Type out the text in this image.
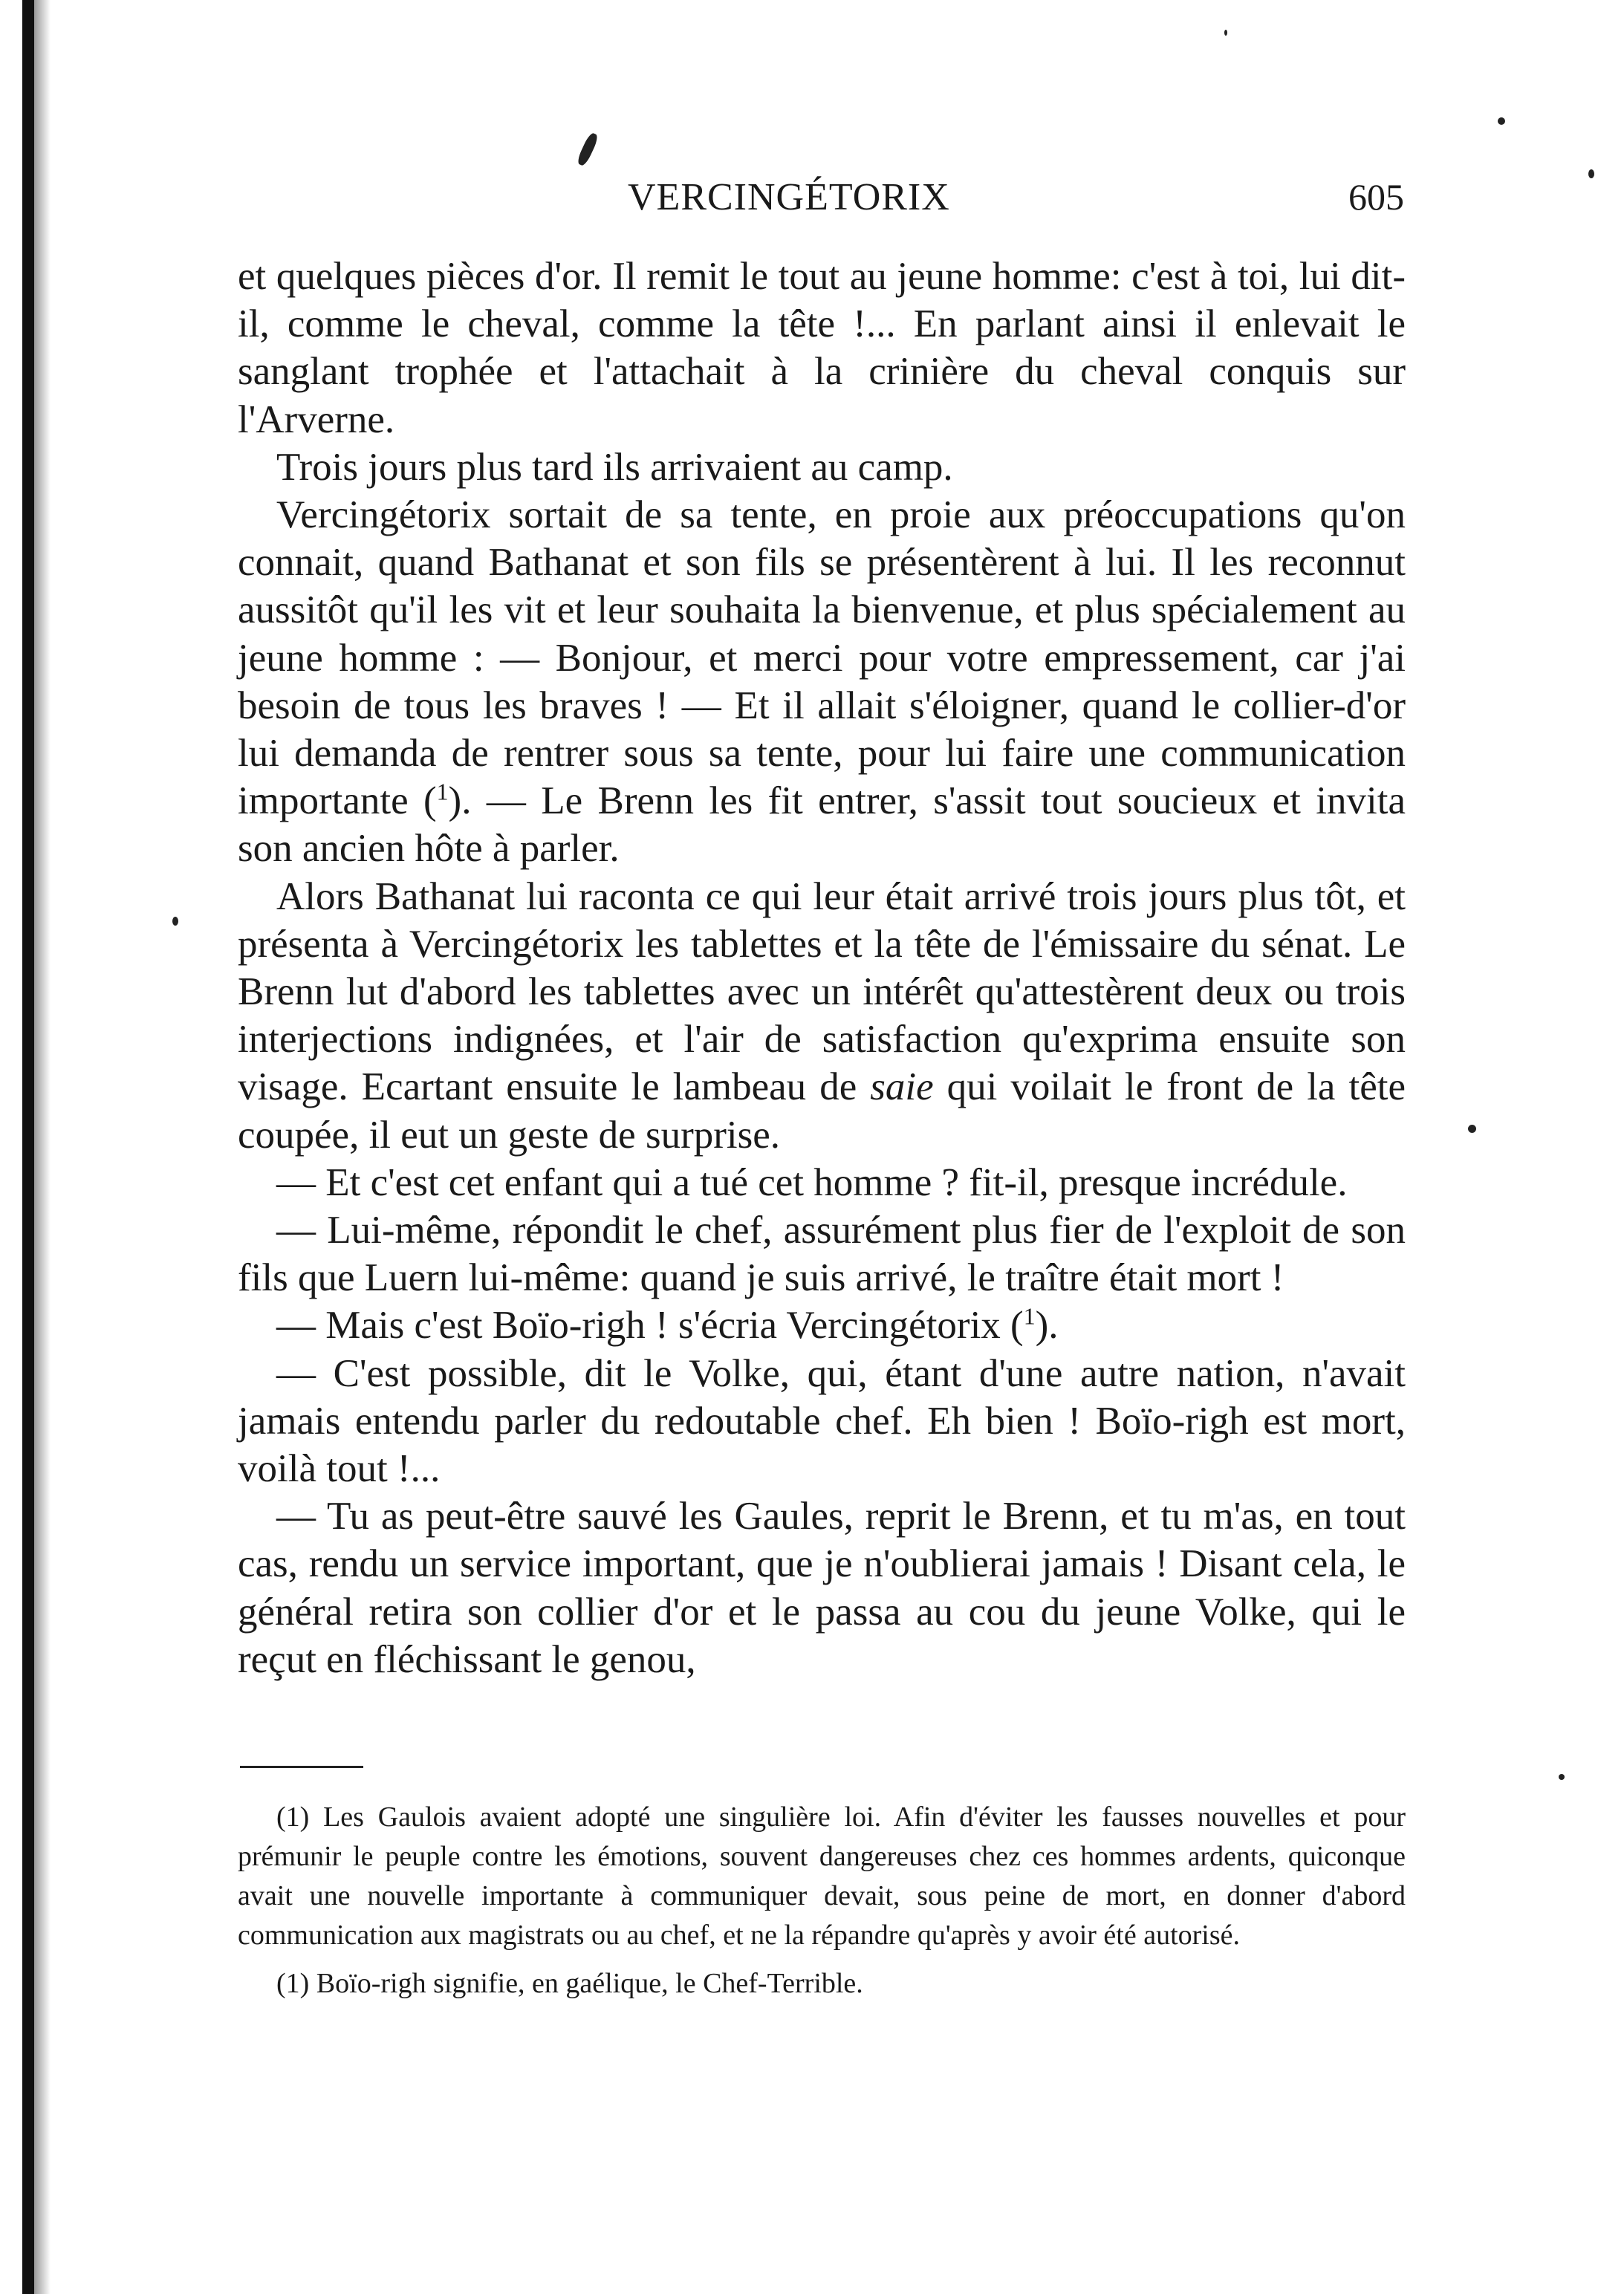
VERCINGÉTORIX	605

et quelques pièces d'or. Il remit le tout au jeune homme: c'est à toi, lui dit-il, comme le cheval, comme la tête !... En parlant ainsi il enlevait le sanglant trophée et l'attachait à la crinière du cheval conquis sur l'Arverne.

Trois jours plus tard ils arrivaient au camp.

Vercingétorix sortait de sa tente, en proie aux préoccupations qu'on connait, quand Bathanat et son fils se présentèrent à lui. Il les reconnut aussitôt qu'il les vit et leur souhaita la bienvenue, et plus spécialement au jeune homme : — Bonjour, et merci pour votre empressement, car j'ai besoin de tous les braves ! — Et il allait s'éloigner, quand le collier-d'or lui demanda de rentrer sous sa tente, pour lui faire une communication importante ($^1$). — Le Brenn les fit entrer, s'assit tout soucieux et invita son ancien hôte à parler.

Alors Bathanat lui raconta ce qui leur était arrivé trois jours plus tôt, et présenta à Vercingétorix les tablettes et la tête de l'émissaire du sénat. Le Brenn lut d'abord les tablettes avec un intérêt qu'attestèrent deux ou trois interjections indignées, et l'air de satisfaction qu'exprima ensuite son visage. Ecartant ensuite le lambeau de saie qui voilait le front de la tête coupée, il eut un geste de surprise.

— Et c'est cet enfant qui a tué cet homme ? fit-il, presque incrédule.

— Lui-même, répondit le chef, assurément plus fier de l'exploit de son fils que Luern lui-même: quand je suis arrivé, le traître était mort !

— Mais c'est Boïo-righ ! s'écria Vercingétorix ($^1$).

— C'est possible, dit le Volke, qui, étant d'une autre nation, n'avait jamais entendu parler du redoutable chef. Eh bien ! Boïo-righ est mort, voilà tout !...

— Tu as peut-être sauvé les Gaules, reprit le Brenn, et tu m'as, en tout cas, rendu un service important, que je n'oublierai jamais ! Disant cela, le général retira son collier d'or et le passa au cou du jeune Volke, qui le reçut en fléchissant le genou,

(1) Les Gaulois avaient adopté une singulière loi. Afin d'éviter les fausses nouvelles et pour prémunir le peuple contre les émotions, souvent dangereuses chez ces hommes ardents, quiconque avait une nouvelle importante à communiquer devait, sous peine de mort, en donner d'abord communication aux magistrats ou au chef, et ne la répandre qu'après y avoir été autorisé.

(1) Boïo-righ signifie, en gaélique, le Chef-Terrible.
